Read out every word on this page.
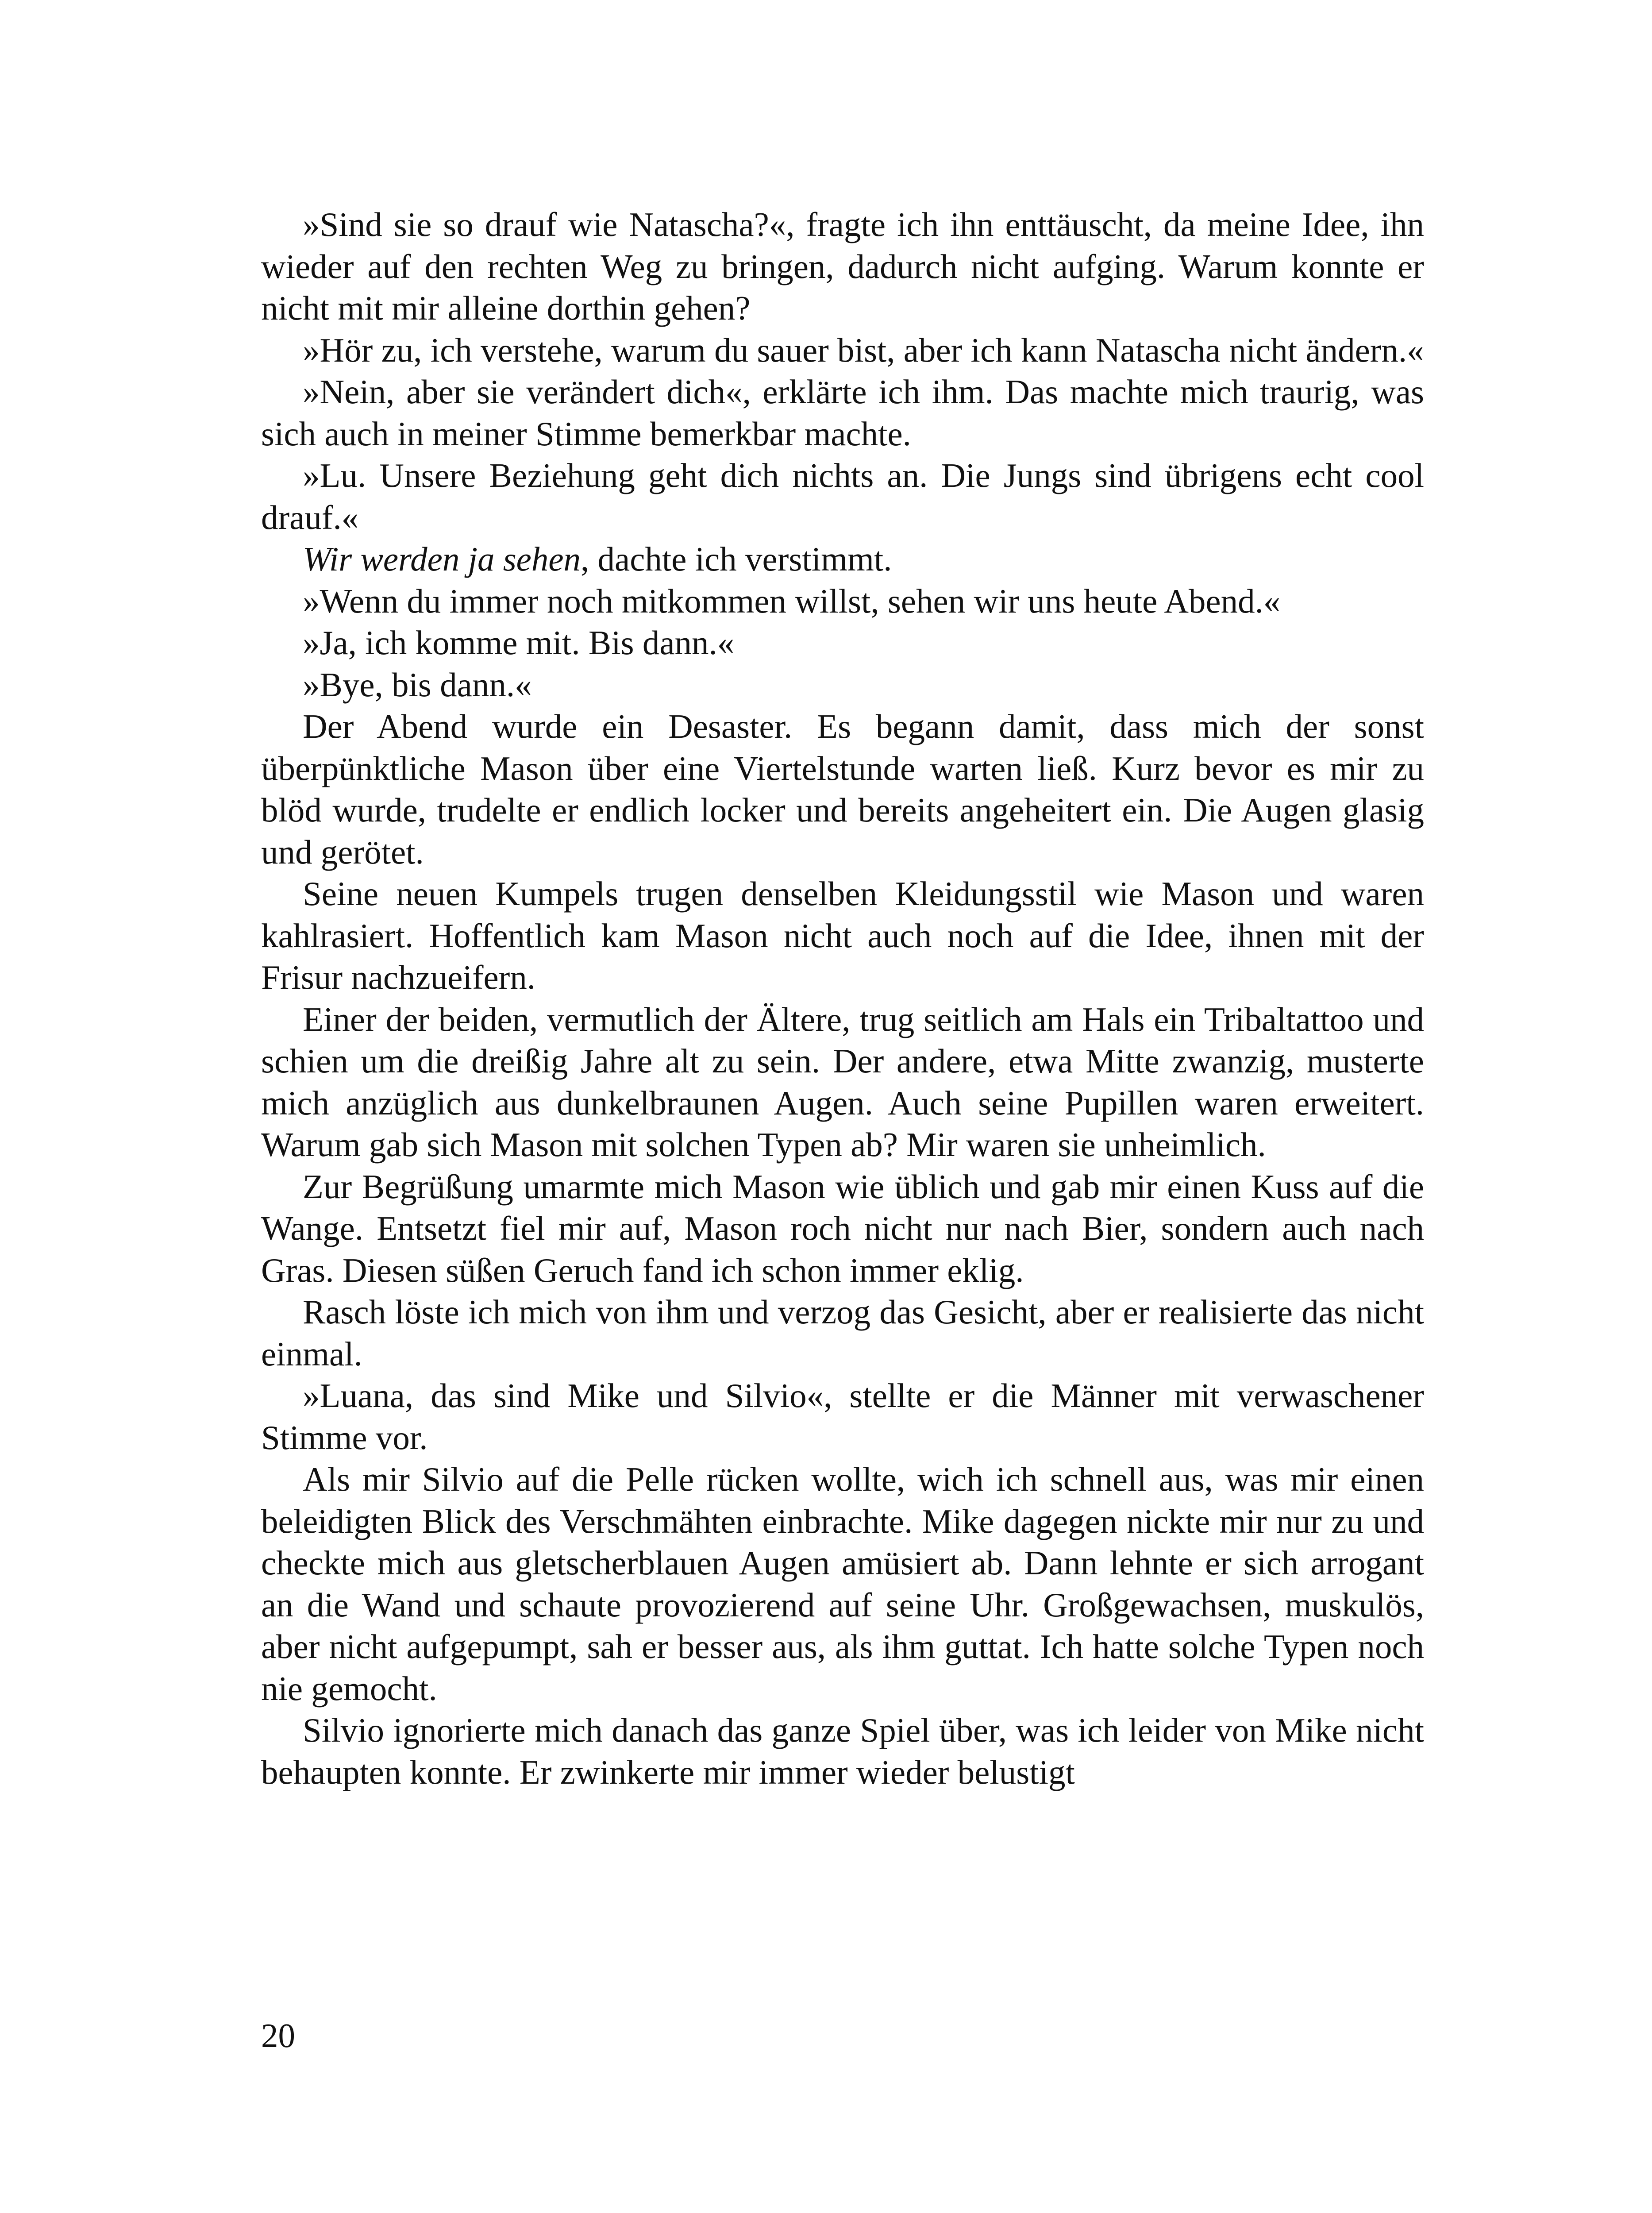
»Sind sie so drauf wie Natascha?«, fragte ich ihn enttäuscht, da meine Idee, ihn wieder auf den rechten Weg zu bringen, dadurch nicht aufging. Warum konnte er nicht mit mir alleine dorthin gehen?

»Hör zu, ich verstehe, warum du sauer bist, aber ich kann Natascha nicht ändern.«

»Nein, aber sie verändert dich«, erklärte ich ihm. Das machte mich traurig, was sich auch in meiner Stimme bemerkbar machte.

»Lu. Unsere Beziehung geht dich nichts an. Die Jungs sind übrigens echt cool drauf.«

Wir werden ja sehen, dachte ich verstimmt.

»Wenn du immer noch mitkommen willst, sehen wir uns heute Abend.«

»Ja, ich komme mit. Bis dann.«

»Bye, bis dann.«

Der Abend wurde ein Desaster. Es begann damit, dass mich der sonst überpünktliche Mason über eine Viertelstunde warten ließ. Kurz bevor es mir zu blöd wurde, trudelte er endlich locker und bereits angeheitert ein. Die Augen glasig und gerötet.

Seine neuen Kumpels trugen denselben Kleidungsstil wie Mason und waren kahlrasiert. Hoffentlich kam Mason nicht auch noch auf die Idee, ihnen mit der Frisur nachzueifern.

Einer der beiden, vermutlich der Ältere, trug seitlich am Hals ein Tribaltattoo und schien um die dreißig Jahre alt zu sein. Der andere, etwa Mitte zwanzig, musterte mich anzüglich aus dunkelbraunen Augen. Auch seine Pupillen waren erweitert. Warum gab sich Mason mit solchen Typen ab? Mir waren sie unheimlich.

Zur Begrüßung umarmte mich Mason wie üblich und gab mir einen Kuss auf die Wange. Entsetzt fiel mir auf, Mason roch nicht nur nach Bier, sondern auch nach Gras. Diesen süßen Geruch fand ich schon immer eklig.

Rasch löste ich mich von ihm und verzog das Gesicht, aber er realisierte das nicht einmal.

»Luana, das sind Mike und Silvio«, stellte er die Männer mit verwaschener Stimme vor.

Als mir Silvio auf die Pelle rücken wollte, wich ich schnell aus, was mir einen beleidigten Blick des Verschmähten einbrachte. Mike dagegen nickte mir nur zu und checkte mich aus gletscherblauen Augen amüsiert ab. Dann lehnte er sich arrogant an die Wand und schaute provozierend auf seine Uhr. Großgewachsen, muskulös, aber nicht aufgepumpt, sah er besser aus, als ihm guttat. Ich hatte solche Typen noch nie gemocht.

Silvio ignorierte mich danach das ganze Spiel über, was ich leider von Mike nicht behaupten konnte. Er zwinkerte mir immer wieder belustigt

20
